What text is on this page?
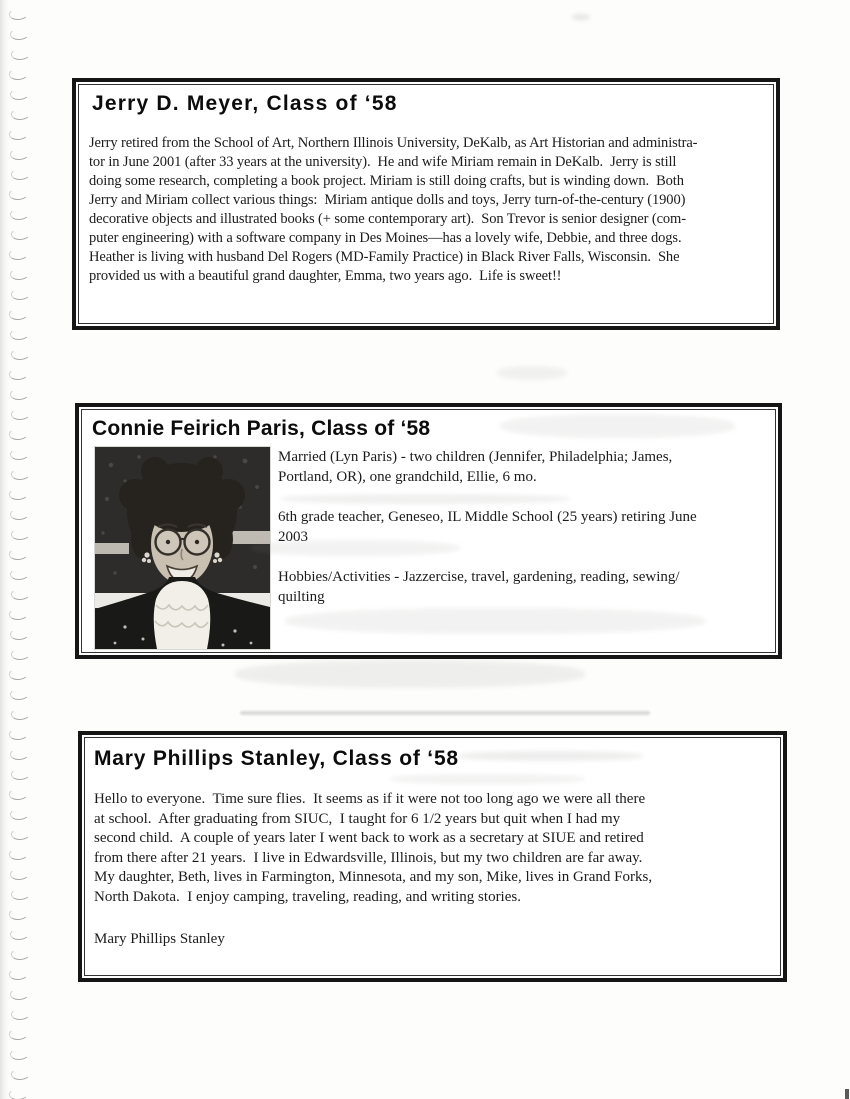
Jerry D. Meyer, Class of ‘58
Jerry retired from the School of Art, Northern Illinois University, DeKalb, as Art Historian and administra-
tor in June 2001 (after 33 years at the university).  He and wife Miriam remain in DeKalb.  Jerry is still
doing some research, completing a book project. Miriam is still doing crafts, but is winding down.  Both
Jerry and Miriam collect various things:  Miriam antique dolls and toys, Jerry turn-of-the-century (1900)
decorative objects and illustrated books (+ some contemporary art).  Son Trevor is senior designer (com-
puter engineering) with a software company in Des Moines—has a lovely wife, Debbie, and three dogs.
Heather is living with husband Del Rogers (MD-Family Practice) in Black River Falls, Wisconsin.  She
provided us with a beautiful grand daughter, Emma, two years ago.  Life is sweet!!
Connie Feirich Paris, Class of ‘58

Married (Lyn Paris) - two children (Jennifer, Philadelphia; James,
Portland, OR), one grandchild, Ellie, 6 mo.

6th grade teacher, Geneseo, IL Middle School (25 years) retiring June
2003

Hobbies/Activities - Jazzercise, travel, gardening, reading, sewing/
quilting

Mary Phillips Stanley, Class of ‘58
Hello to everyone.  Time sure flies.  It seems as if it were not too long ago we were all there
at school.  After graduating from SIUC,  I taught for 6 1/2 years but quit when I had my
second child.  A couple of years later I went back to work as a secretary at SIUE and retired
from there after 21 years.  I live in Edwardsville, Illinois, but my two children are far away.
My daughter, Beth, lives in Farmington, Minnesota, and my son, Mike, lives in Grand Forks,
North Dakota.  I enjoy camping, traveling, reading, and writing stories.
Mary Phillips Stanley
